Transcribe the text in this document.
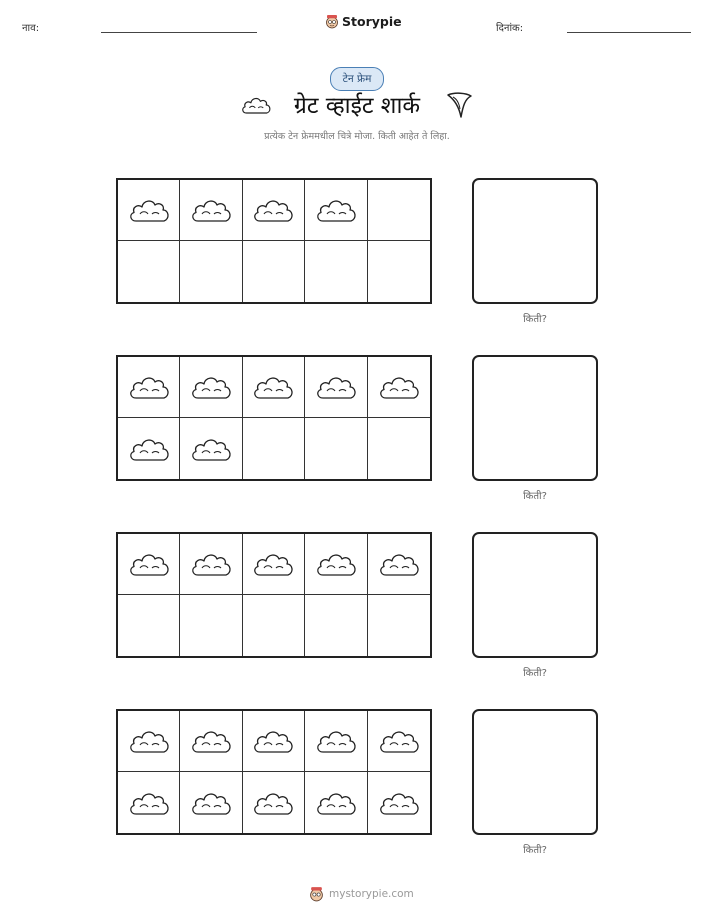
नाव:	Storypie	दिनांक:
टेन फ्रेम
ग्रेट व्हाईट शार्क
प्रत्येक टेन फ्रेममधील चित्रे मोजा. किती आहेत ते लिहा.
किती?
किती?
किती?
किती?
mystorypie.com
